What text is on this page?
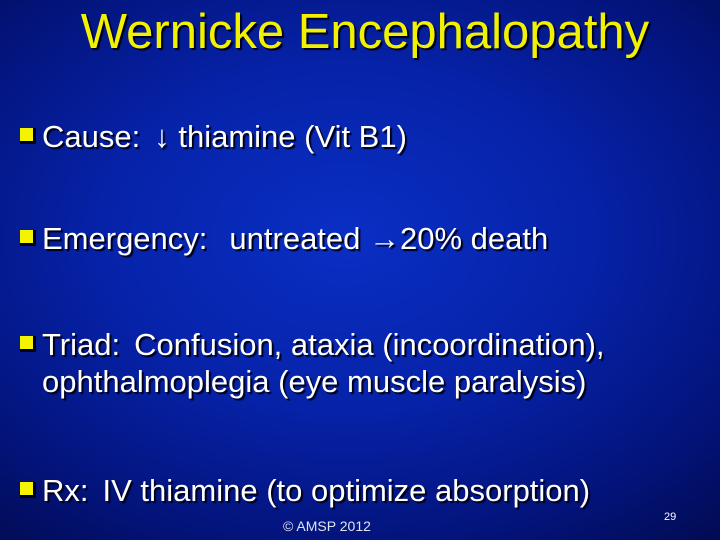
Wernicke Encephalopathy
Cause: ↓ thiamine (Vit B1)
Emergency: untreated →20% death
Triad: Confusion, ataxia (incoordination),
ophthalmoplegia (eye muscle paralysis)
Rx: IV thiamine (to optimize absorption)
© AMSP 2012
29
